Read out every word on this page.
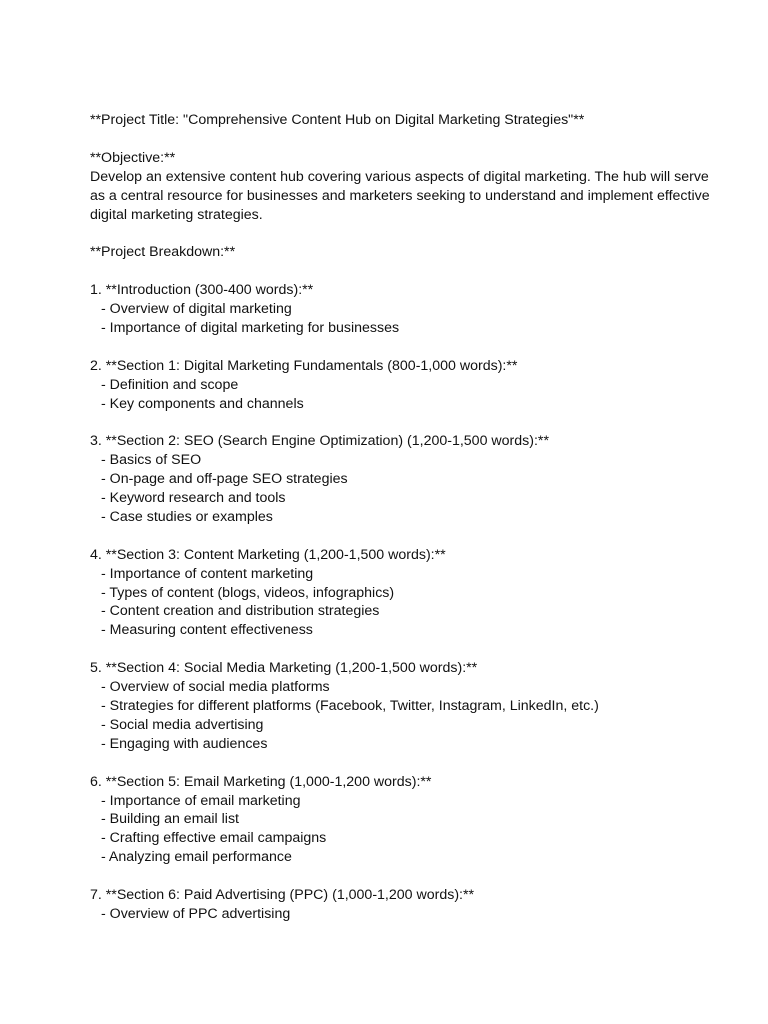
**Project Title: "Comprehensive Content Hub on Digital Marketing Strategies"**

**Objective:**

Develop an extensive content hub covering various aspects of digital marketing. The hub will serve as a central resource for businesses and marketers seeking to understand and implement effective digital marketing strategies.

**Project Breakdown:**

1. **Introduction (300-400 words):**

- Overview of digital marketing

- Importance of digital marketing for businesses

2. **Section 1: Digital Marketing Fundamentals (800-1,000 words):**

- Definition and scope

- Key components and channels

3. **Section 2: SEO (Search Engine Optimization) (1,200-1,500 words):**

- Basics of SEO

- On-page and off-page SEO strategies

- Keyword research and tools

- Case studies or examples

4. **Section 3: Content Marketing (1,200-1,500 words):**

- Importance of content marketing

- Types of content (blogs, videos, infographics)

- Content creation and distribution strategies

- Measuring content effectiveness

5. **Section 4: Social Media Marketing (1,200-1,500 words):**

- Overview of social media platforms

- Strategies for different platforms (Facebook, Twitter, Instagram, LinkedIn, etc.)

- Social media advertising

- Engaging with audiences

6. **Section 5: Email Marketing (1,000-1,200 words):**

- Importance of email marketing

- Building an email list

- Crafting effective email campaigns

- Analyzing email performance

7. **Section 6: Paid Advertising (PPC) (1,000-1,200 words):**

- Overview of PPC advertising
